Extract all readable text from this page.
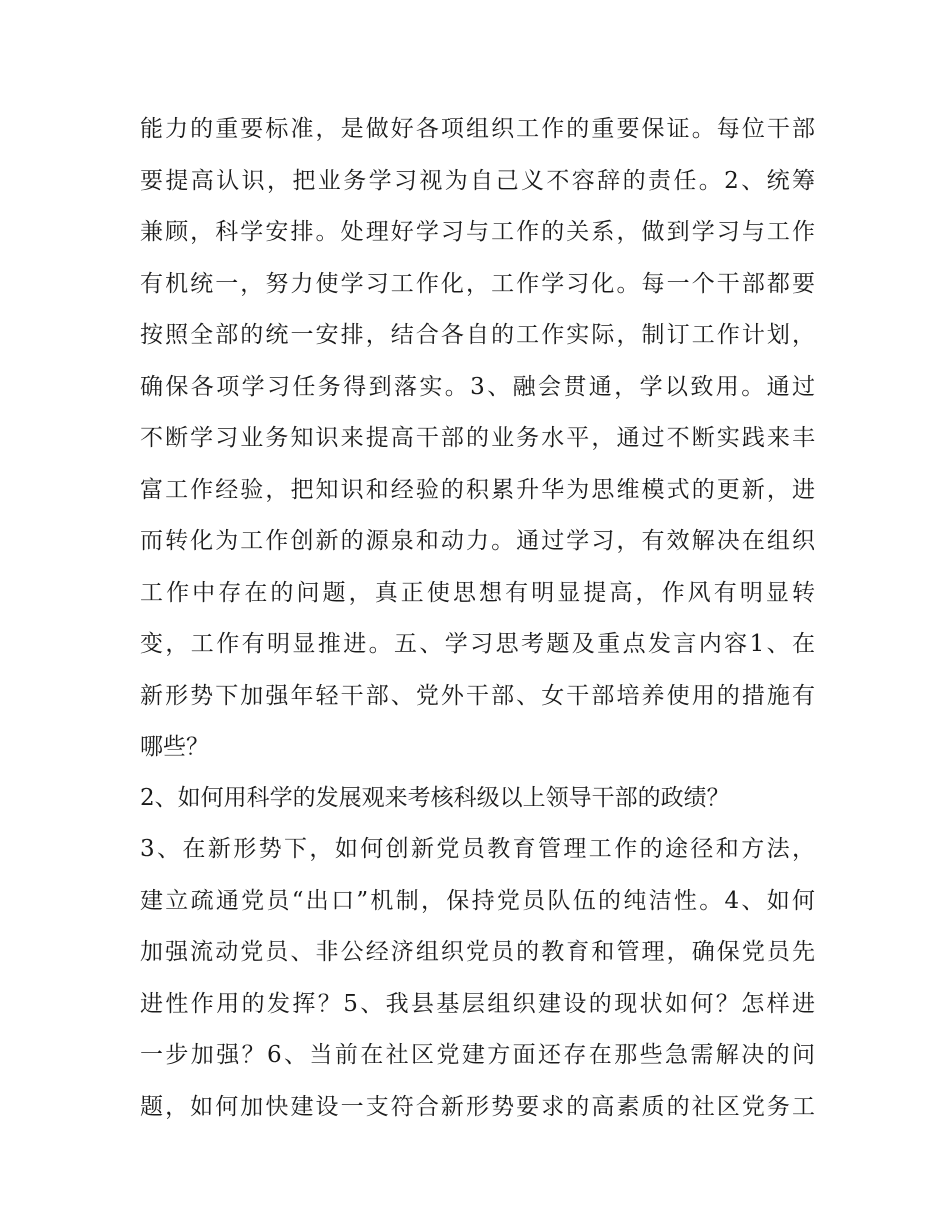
能力的重要标准，是做好各项组织工作的重要保证。每位干部
要提高认识，把业务学习视为自己义不容辞的责任。2、统筹
兼顾，科学安排。处理好学习与工作的关系，做到学习与工作
有机统一，努力使学习工作化，工作学习化。每一个干部都要
按照全部的统一安排，结合各自的工作实际，制订工作计划，
确保各项学习任务得到落实。3、融会贯通，学以致用。通过
不断学习业务知识来提高干部的业务水平，通过不断实践来丰
富工作经验，把知识和经验的积累升华为思维模式的更新，进
而转化为工作创新的源泉和动力。通过学习，有效解决在组织
工作中存在的问题，真正使思想有明显提高，作风有明显转
变，工作有明显推进。五、学习思考题及重点发言内容1、在
新形势下加强年轻干部、党外干部、女干部培养使用的措施有
哪些？
2、如何用科学的发展观来考核科级以上领导干部的政绩？
3、在新形势下，如何创新党员教育管理工作的途径和方法，
建立疏通党员“出口”机制，保持党员队伍的纯洁性。4、如何
加强流动党员、非公经济组织党员的教育和管理，确保党员先
进性作用的发挥？5、我县基层组织建设的现状如何？怎样进
一步加强？6、当前在社区党建方面还存在那些急需解决的问
题，如何加快建设一支符合新形势要求的高素质的社区党务工
